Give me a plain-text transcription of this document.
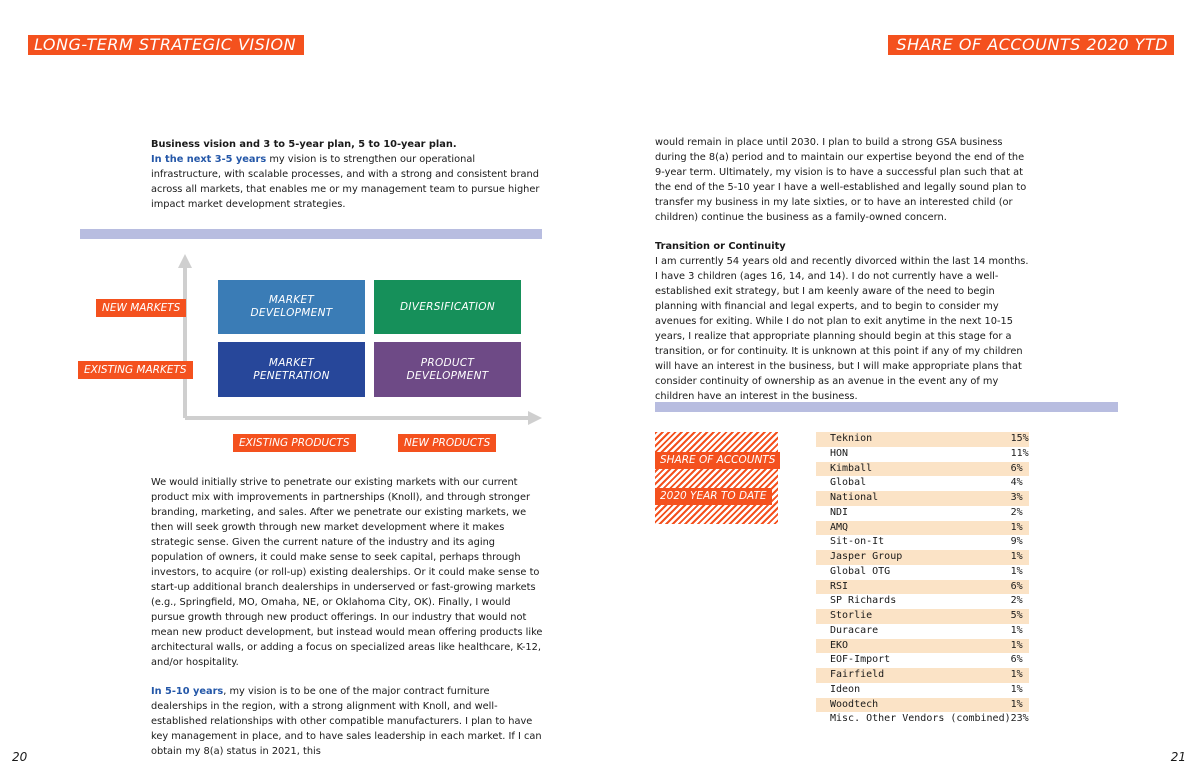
LONG-TERM STRATEGIC VISION	SHARE OF ACCOUNTS 2020 YTD
Business vision and 3 to 5-year plan, 5 to 10-year plan.
In the next 3-5 years my vision is to strengthen our operational infrastructure, with scalable processes, and with a strong and consistent brand across all markets, that enables me or my management team to pursue higher impact market development strategies.
MARKET DEVELOPMENT
DIVERSIFICATION
MARKET PENETRATION
PRODUCT DEVELOPMENT
NEW MARKETS
EXISTING MARKETS
EXISTING PRODUCTS	NEW PRODUCTS

We would initially strive to penetrate our existing markets with our current product mix with improvements in partnerships (Knoll), and through stronger branding, marketing, and sales. After we penetrate our existing markets, we then will seek growth through new market development where it makes strategic sense. Given the current nature of the industry and its aging population of owners, it could make sense to seek capital, perhaps through investors, to acquire (or roll-up) existing dealerships. Or it could make sense to start-up additional branch dealerships in underserved or fast-growing markets (e.g., Springfield, MO, Omaha, NE, or Oklahoma City, OK). Finally, I would pursue growth through new product offerings. In our industry that would not mean new product development, but instead would mean offering products like architectural walls, or adding a focus on specialized areas like healthcare, K-12, and/or hospitality.

In 5-10 years, my vision is to be one of the major contract furniture dealerships in the region, with a strong alignment with Knoll, and well-established relationships with other compatible manufacturers. I plan to have key management in place, and to have sales leadership in each market. If I can obtain my 8(a) status in 2021, this

would remain in place until 2030. I plan to build a strong GSA business during the 8(a) period and to maintain our expertise beyond the end of the 9-year term. Ultimately, my vision is to have a successful plan such that at the end of the 5-10 year I have a well-established and legally sound plan to transfer my business in my late sixties, or to have an interested child (or children) continue the business as a family-owned concern.

Transition or Continuity
I am currently 54 years old and recently divorced within the last 14 months. I have 3 children (ages 16, 14, and 14). I do not currently have a well- established exit strategy, but I am keenly aware of the need to begin planning with financial and legal experts, and to begin to consider my avenues for exiting. While I do not plan to exit anytime in the next 10-15 years, I realize that appropriate planning should begin at this stage for a transition, or for continuity. It is unknown at this point if any of my children will have an interest in the business, but I will make appropriate plans that consider continuity of ownership as an avenue in the event any of my children have an interest in the business.
SHARE OF ACCOUNTS
2020 YEAR TO DATE
Teknion	15%
HON	11%
Kimball	6%
Global	4%
National	3%
NDI	2%
AMQ	1%
Sit-on-It	9%
Jasper Group	1%
Global OTG	1%
RSI	6%
SP Richards	2%
Storlie	5%
Duracare	1%
EKO	1%
EOF-Import	6%
Fairfield	1%
Ideon	1%
Woodtech	1%
Misc. Other Vendors (combined)	23%
20	21
